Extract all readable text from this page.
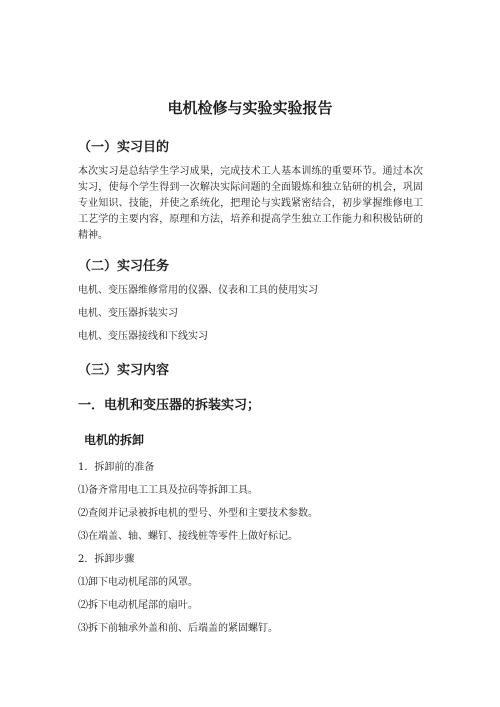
电机检修与实验实验报告
（一）实习目的

本次实习是总结学生学习成果，完成技术工人基本训练的重要环节。通过本次实习，使每个学生得到一次解决实际问题的全面锻炼和独立钻研的机会，巩固专业知识、技能，并使之系统化，把理论与实践紧密结合，初步掌握维修电工工艺学的主要内容，原理和方法，培养和提高学生独立工作能力和积极钻研的精神。

（二）实习任务

电机、变压器维修常用的仪器、仪表和工具的使用实习

电机、变压器拆装实习

电机、变压器接线和下线实习

（三）实习内容
一．电机和变压器的拆装实习；
电机的拆卸

1．拆卸前的准备

⑴备齐常用电工工具及拉码等拆卸工具。

⑵查阅并记录被拆电机的型号、外型和主要技术参数。

⑶在端盖、轴、螺钉、接线桩等零件上做好标记。

2．拆卸步骤

⑴卸下电动机尾部的风罩。

⑵拆下电动机尾部的扇叶。

⑶拆下前轴承外盖和前、后端盖的紧固螺钉。
